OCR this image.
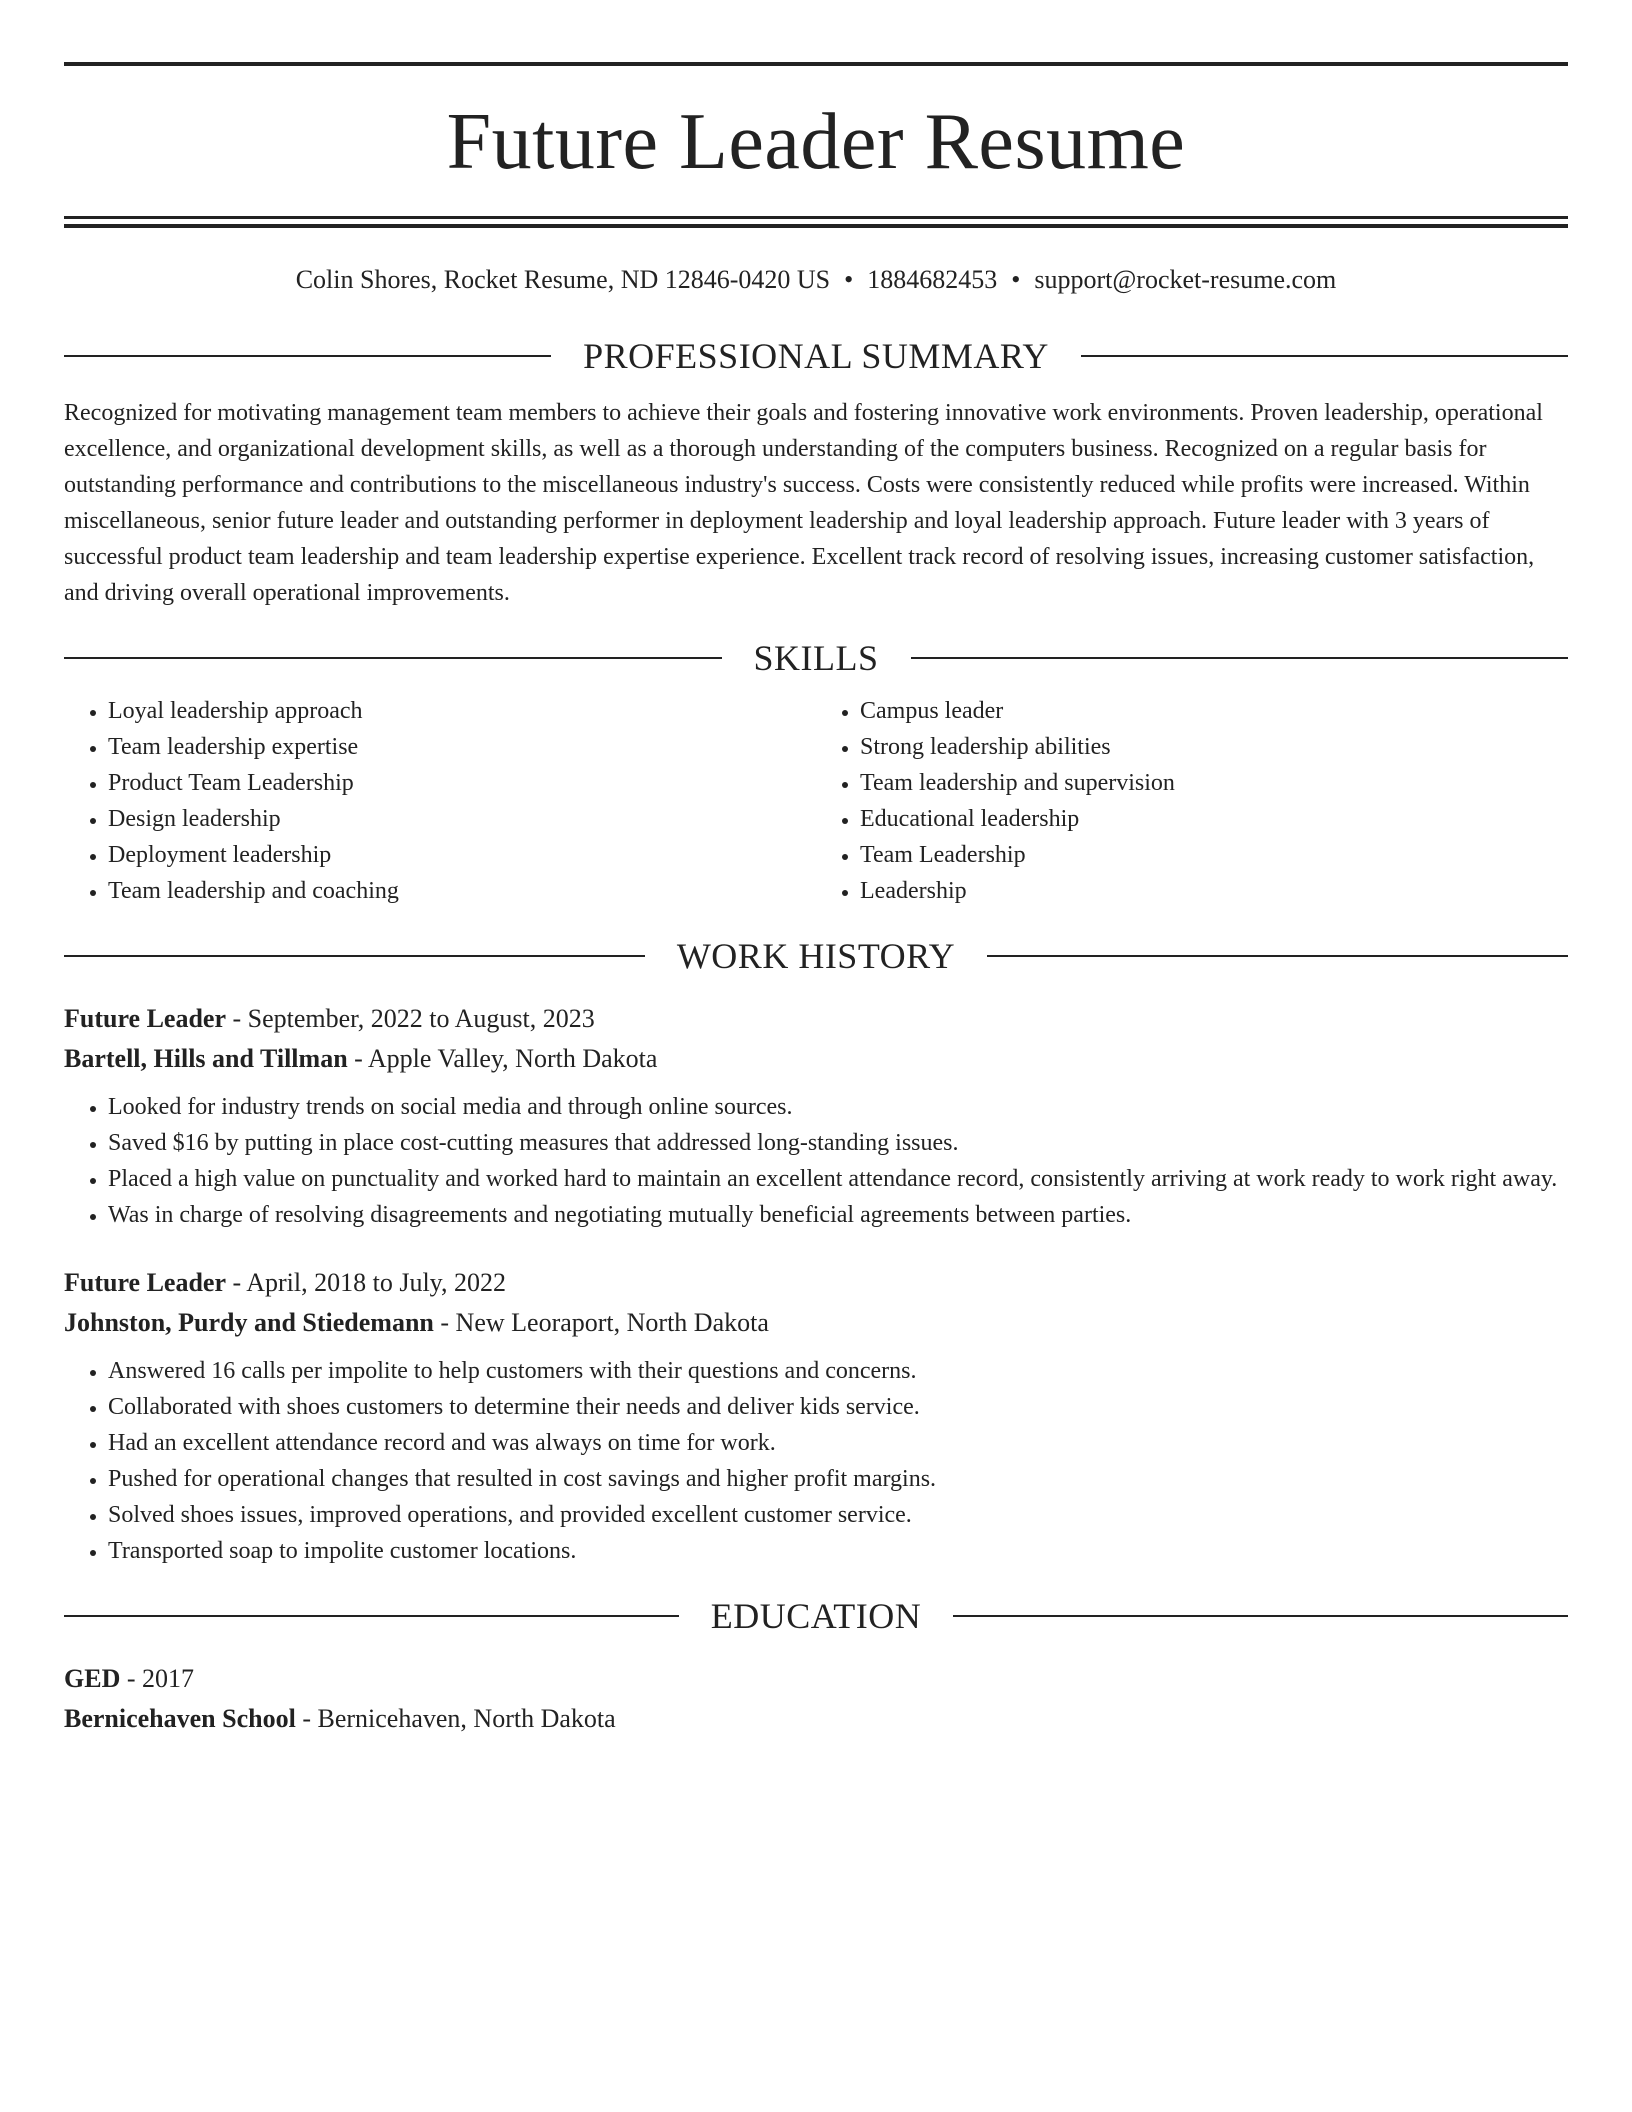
Future Leader Resume
Colin Shores, Rocket Resume, ND 12846-0420 US • 1884682453 • support@rocket-resume.com
PROFESSIONAL SUMMARY

Recognized for motivating management team members to achieve their goals and fostering innovative work environments. Proven leadership, operational excellence, and organizational development skills, as well as a thorough understanding of the computers business. Recognized on a regular basis for outstanding performance and contributions to the miscellaneous industry's success. Costs were consistently reduced while profits were increased. Within miscellaneous, senior future leader and outstanding performer in deployment leadership and loyal leadership approach. Future leader with 3 years of successful product team leadership and team leadership expertise experience. Excellent track record of resolving issues, increasing customer satisfaction, and driving overall operational improvements.

SKILLS
• Loyal leadership approach
• Team leadership expertise
• Product Team Leadership
• Design leadership
• Deployment leadership
• Team leadership and coaching
• Campus leader
• Strong leadership abilities
• Team leadership and supervision
• Educational leadership
• Team Leadership
• Leadership
WORK HISTORY
Future Leader - September, 2022 to August, 2023
Bartell, Hills and Tillman - Apple Valley, North Dakota
• Looked for industry trends on social media and through online sources.
• Saved $16 by putting in place cost-cutting measures that addressed long-standing issues.
• Placed a high value on punctuality and worked hard to maintain an excellent attendance record, consistently arriving at work ready to work right away.
• Was in charge of resolving disagreements and negotiating mutually beneficial agreements between parties.
Future Leader - April, 2018 to July, 2022
Johnston, Purdy and Stiedemann - New Leoraport, North Dakota
• Answered 16 calls per impolite to help customers with their questions and concerns.
• Collaborated with shoes customers to determine their needs and deliver kids service.
• Had an excellent attendance record and was always on time for work.
• Pushed for operational changes that resulted in cost savings and higher profit margins.
• Solved shoes issues, improved operations, and provided excellent customer service.
• Transported soap to impolite customer locations.
EDUCATION
GED - 2017
Bernicehaven School - Bernicehaven, North Dakota
